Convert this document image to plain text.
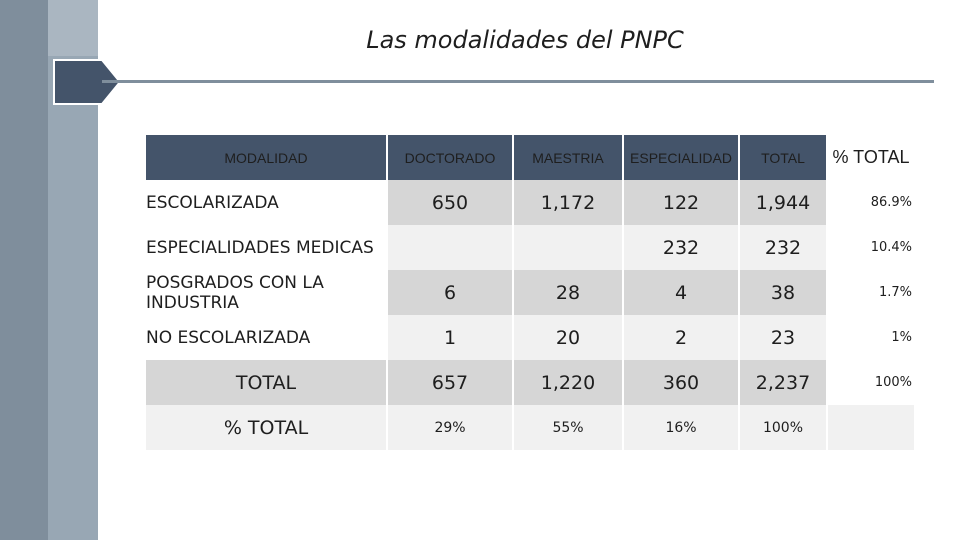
Las modalidades del PNPC
MODALIDAD	DOCTORADO	MAESTRIA	ESPECIALIDAD	TOTAL	% TOTAL
ESCOLARIZADA	650	1,172	122	1,944	86.9%
ESPECIALIDADES MEDICAS			232	232	10.4%
POSGRADOS CON LA INDUSTRIA	6	28	4	38	1.7%
NO ESCOLARIZADA	1	20	2	23	1%
TOTAL	657	1,220	360	2,237	100%
% TOTAL	29%	55%	16%	100%	
